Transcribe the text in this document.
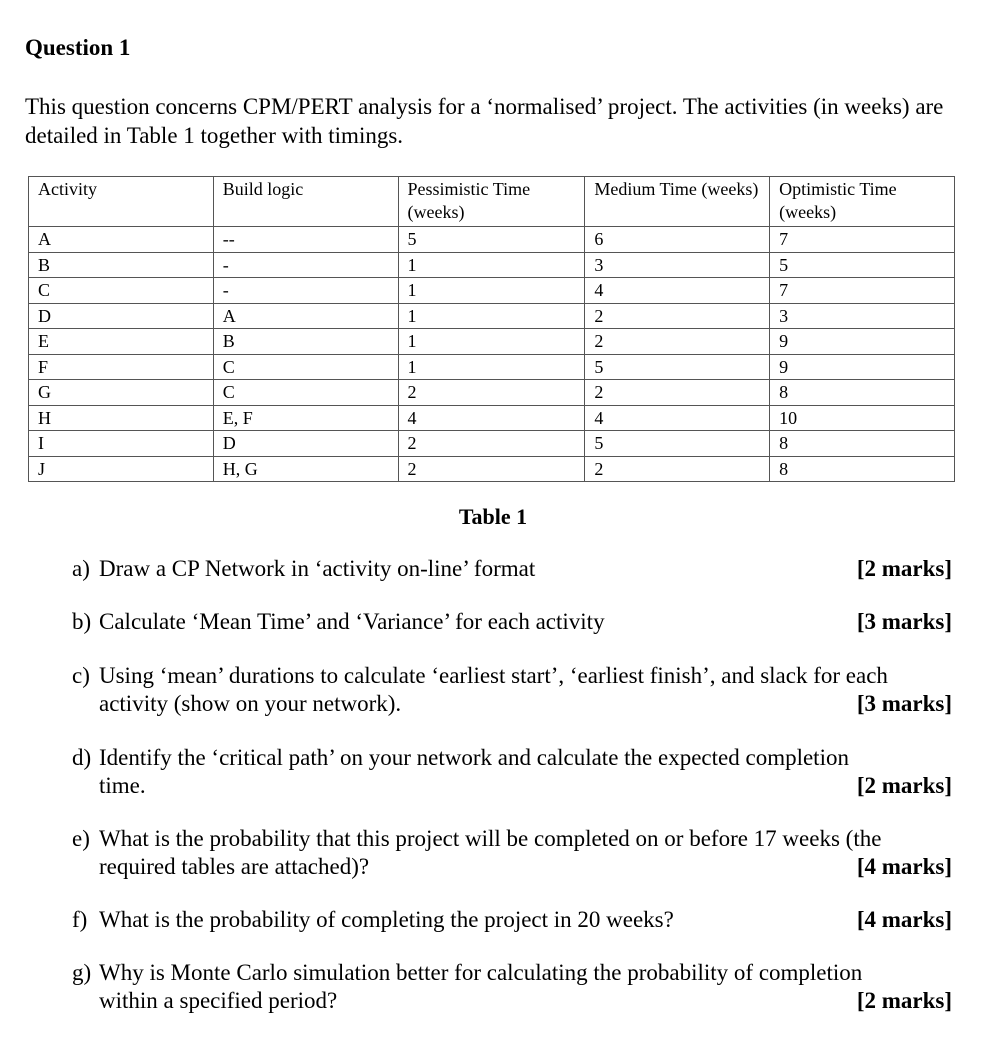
Question 1
This question concerns CPM/PERT analysis for a ‘normalised’ project. The activities (in weeks) are detailed in Table 1 together with timings.
Activity	Build logic	Pessimistic Time (weeks)	Medium Time (weeks)	Optimistic Time (weeks)
A	--	5	6	7
B	-	1	3	5
C	-	1	4	7
D	A	1	2	3
E	B	1	2	9
F	C	1	5	9
G	C	2	2	8
H	E, F	4	4	10
I	D	2	5	8
J	H, G	2	2	8
Table 1
a) Draw a CP Network in ‘activity on-line’ format	[2 marks]
b) Calculate ‘Mean Time’ and ‘Variance’ for each activity	[3 marks]
c) Using ‘mean’ durations to calculate ‘earliest start’, ‘earliest finish’, and slack for each
activity (show on your network).	[3 marks]
d) Identify the ‘critical path’ on your network and calculate the expected completion
time.	[2 marks]
e) What is the probability that this project will be completed on or before 17 weeks (the
required tables are attached)?	[4 marks]
f) What is the probability of completing the project in 20 weeks?	[4 marks]
g) Why is Monte Carlo simulation better for calculating the probability of completion
within a specified period?	[2 marks]
